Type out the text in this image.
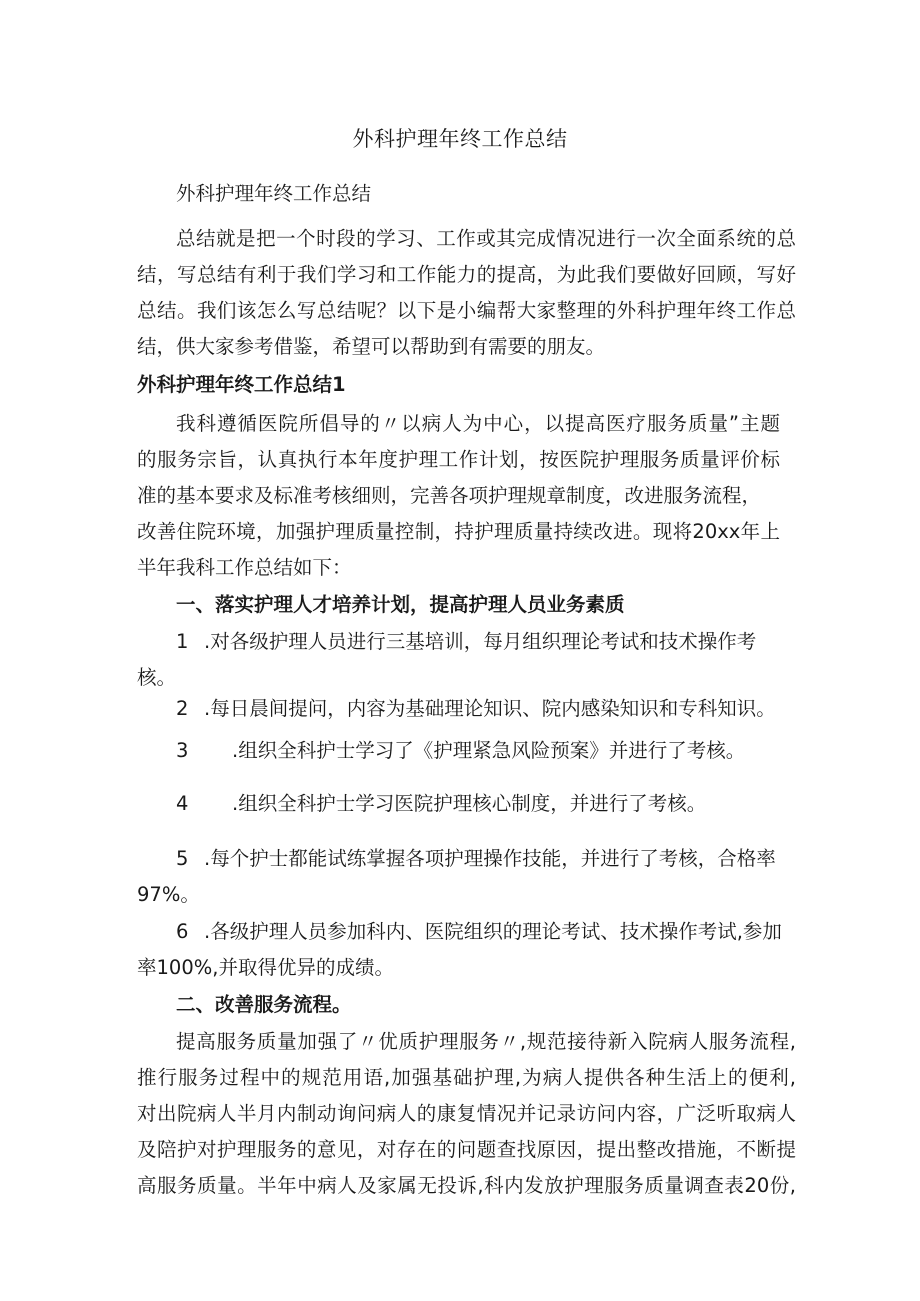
外科护理年终工作总结
外科护理年终工作总结
总结就是把一个时段的学习、工作或其完成情况进行一次全面系统的总
结，写总结有利于我们学习和工作能力的提高，为此我们要做好回顾，写好
总结。我们该怎么写总结呢？以下是小编帮大家整理的外科护理年终工作总
结，供大家参考借鉴，希望可以帮助到有需要的朋友。
外科护理年终工作总结1
我科遵循医院所倡导的〃以病人为中心，以提高医疗服务质量”主题
的服务宗旨，认真执行本年度护理工作计划，按医院护理服务质量评价标
准的基本要求及标准考核细则，完善各项护理规章制度，改进服务流程，
改善住院环境，加强护理质量控制，持护理质量持续改进。现将20xx年上
半年我科工作总结如下：
一、落实护理人才培养计划，提高护理人员业务素质
1 .对各级护理人员进行三基培训，每月组织理论考试和技术操作考
核。
2 .每日晨间提问，内容为基础理论知识、院内感染知识和专科知识。
3 .组织全科护士学习了《护理紧急风险预案》并进行了考核。
4 .组织全科护士学习医院护理核心制度，并进行了考核。
5 .每个护士都能试练掌握各项护理操作技能，并进行了考核，合格率
97%。
6 .各级护理人员参加科内、医院组织的理论考试、技术操作考试,参加
率100%,并取得优异的成绩。
二、改善服务流程。
提高服务质量加强了〃优质护理服务〃,规范接待新入院病人服务流程,
推行服务过程中的规范用语,加强基础护理,为病人提供各种生活上的便利,
对出院病人半月内制动询问病人的康复情况并记录访问内容，广泛听取病人
及陪护对护理服务的意见，对存在的问题查找原因，提出整改措施，不断提
高服务质量。半年中病人及家属无投诉,科内发放护理服务质量调查表20份,
